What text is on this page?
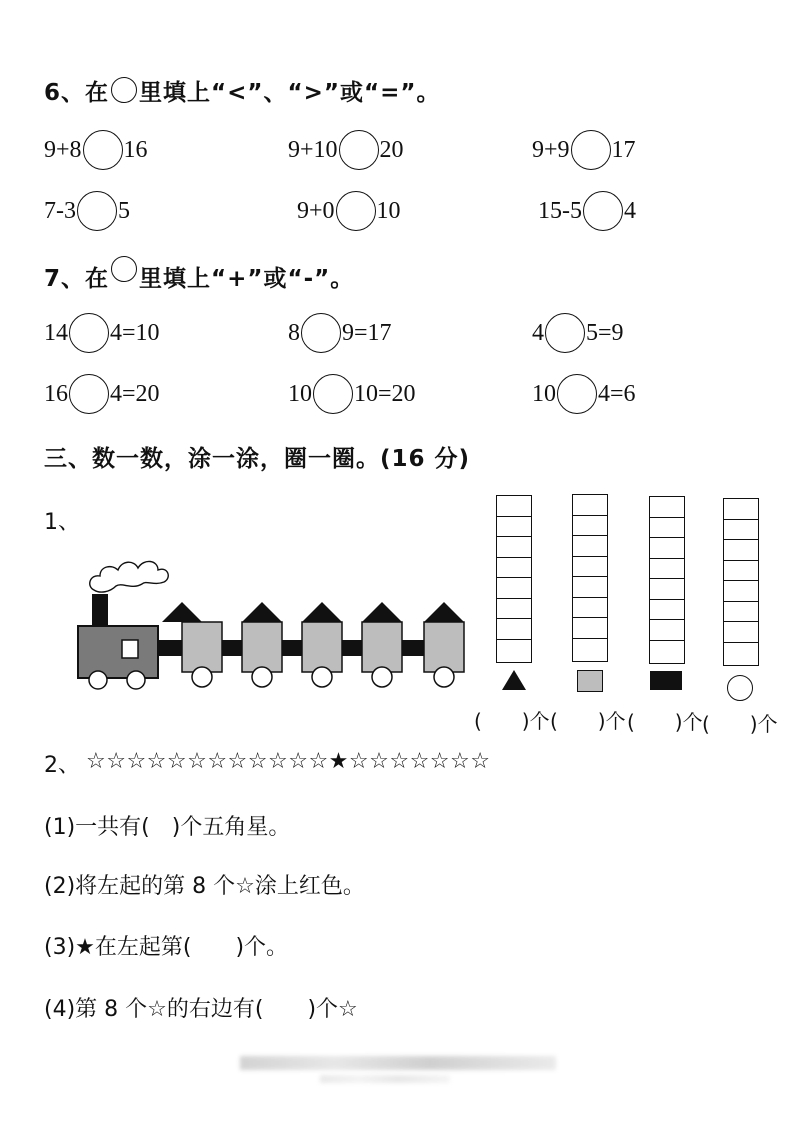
6、在 里填上“<”、“>”或“=”。
9+8 16	9+10 20	9+9 17
7-3 5	9+0 10	15-5 4
7、在 里填上“+”或“-”。
14 4=10	8 9=17	4 5=9
16 4=20	10 10=20	10 4=6
三、数一数，涂一涂，圈一圈。(16 分)
1、
(　　)个 (　　)个 (　　)个 (　　)个
2、 ☆☆☆☆☆☆☆☆☆☆☆☆★☆☆☆☆☆☆☆
(1)一共有(　)个五角星。
(2)将左起的第 8 个☆涂上红色。
(3)★在左起第(　　)个。
(4)第 8 个☆的右边有(　　)个☆
